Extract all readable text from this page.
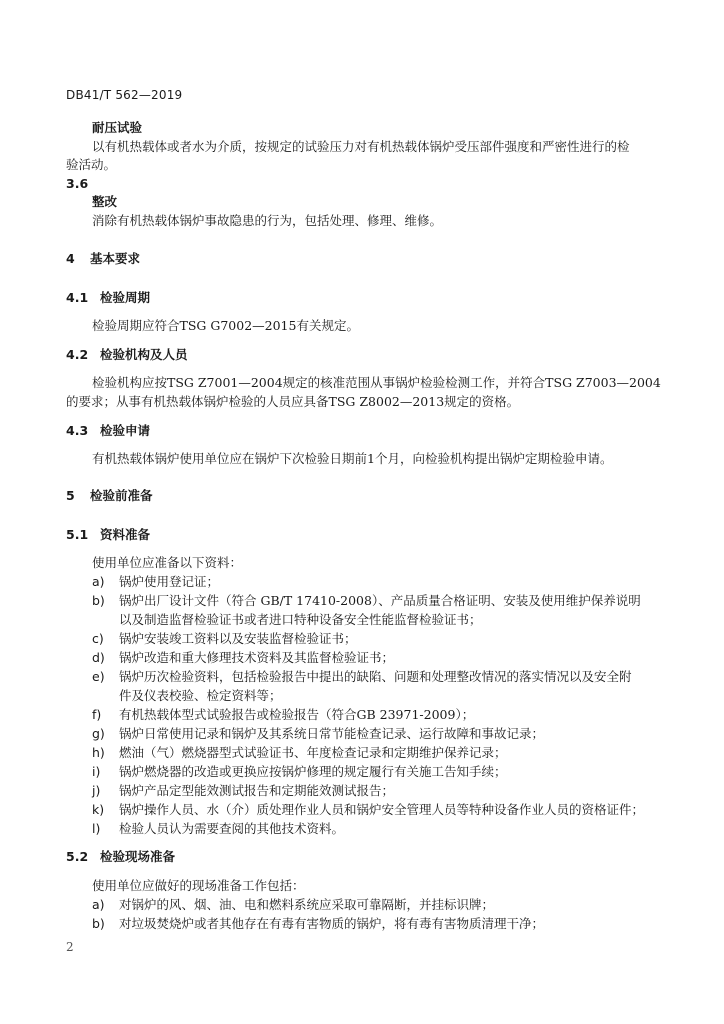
DB41/T 562—2019
耐压试验
以有机热载体或者水为介质，按规定的试验压力对有机热载体锅炉受压部件强度和严密性进行的检
验活动。
3.6
整改
消除有机热载体锅炉事故隐患的行为，包括处理、修理、维修。
4 基本要求
4.1 检验周期
检验周期应符合TSG G7002—2015有关规定。
4.2 检验机构及人员
检验机构应按TSG Z7001—2004规定的核准范围从事锅炉检验检测工作，并符合TSG Z7003—2004
的要求；从事有机热载体锅炉检验的人员应具备TSG Z8002—2013规定的资格。
4.3 检验申请
有机热载体锅炉使用单位应在锅炉下次检验日期前1个月，向检验机构提出锅炉定期检验申请。
5 检验前准备
5.1 资料准备
使用单位应准备以下资料：
a) 锅炉使用登记证；
b) 锅炉出厂设计文件（符合 GB/T 17410-2008）、产品质量合格证明、安装及使用维护保养说明
以及制造监督检验证书或者进口特种设备安全性能监督检验证书；
c) 锅炉安装竣工资料以及安装监督检验证书；
d) 锅炉改造和重大修理技术资料及其监督检验证书；
e) 锅炉历次检验资料，包括检验报告中提出的缺陷、问题和处理整改情况的落实情况以及安全附
件及仪表校验、检定资料等；
f) 有机热载体型式试验报告或检验报告（符合GB 23971-2009）；
g) 锅炉日常使用记录和锅炉及其系统日常节能检查记录、运行故障和事故记录；
h) 燃油（气）燃烧器型式试验证书、年度检查记录和定期维护保养记录；
i) 锅炉燃烧器的改造或更换应按锅炉修理的规定履行有关施工告知手续；
j) 锅炉产品定型能效测试报告和定期能效测试报告；
k) 锅炉操作人员、水（介）质处理作业人员和锅炉安全管理人员等特种设备作业人员的资格证件；
l) 检验人员认为需要查阅的其他技术资料。
5.2 检验现场准备
使用单位应做好的现场准备工作包括：
a) 对锅炉的风、烟、油、电和燃料系统应采取可靠隔断，并挂标识牌；
b) 对垃圾焚烧炉或者其他存在有毒有害物质的锅炉，将有毒有害物质清理干净；
2
